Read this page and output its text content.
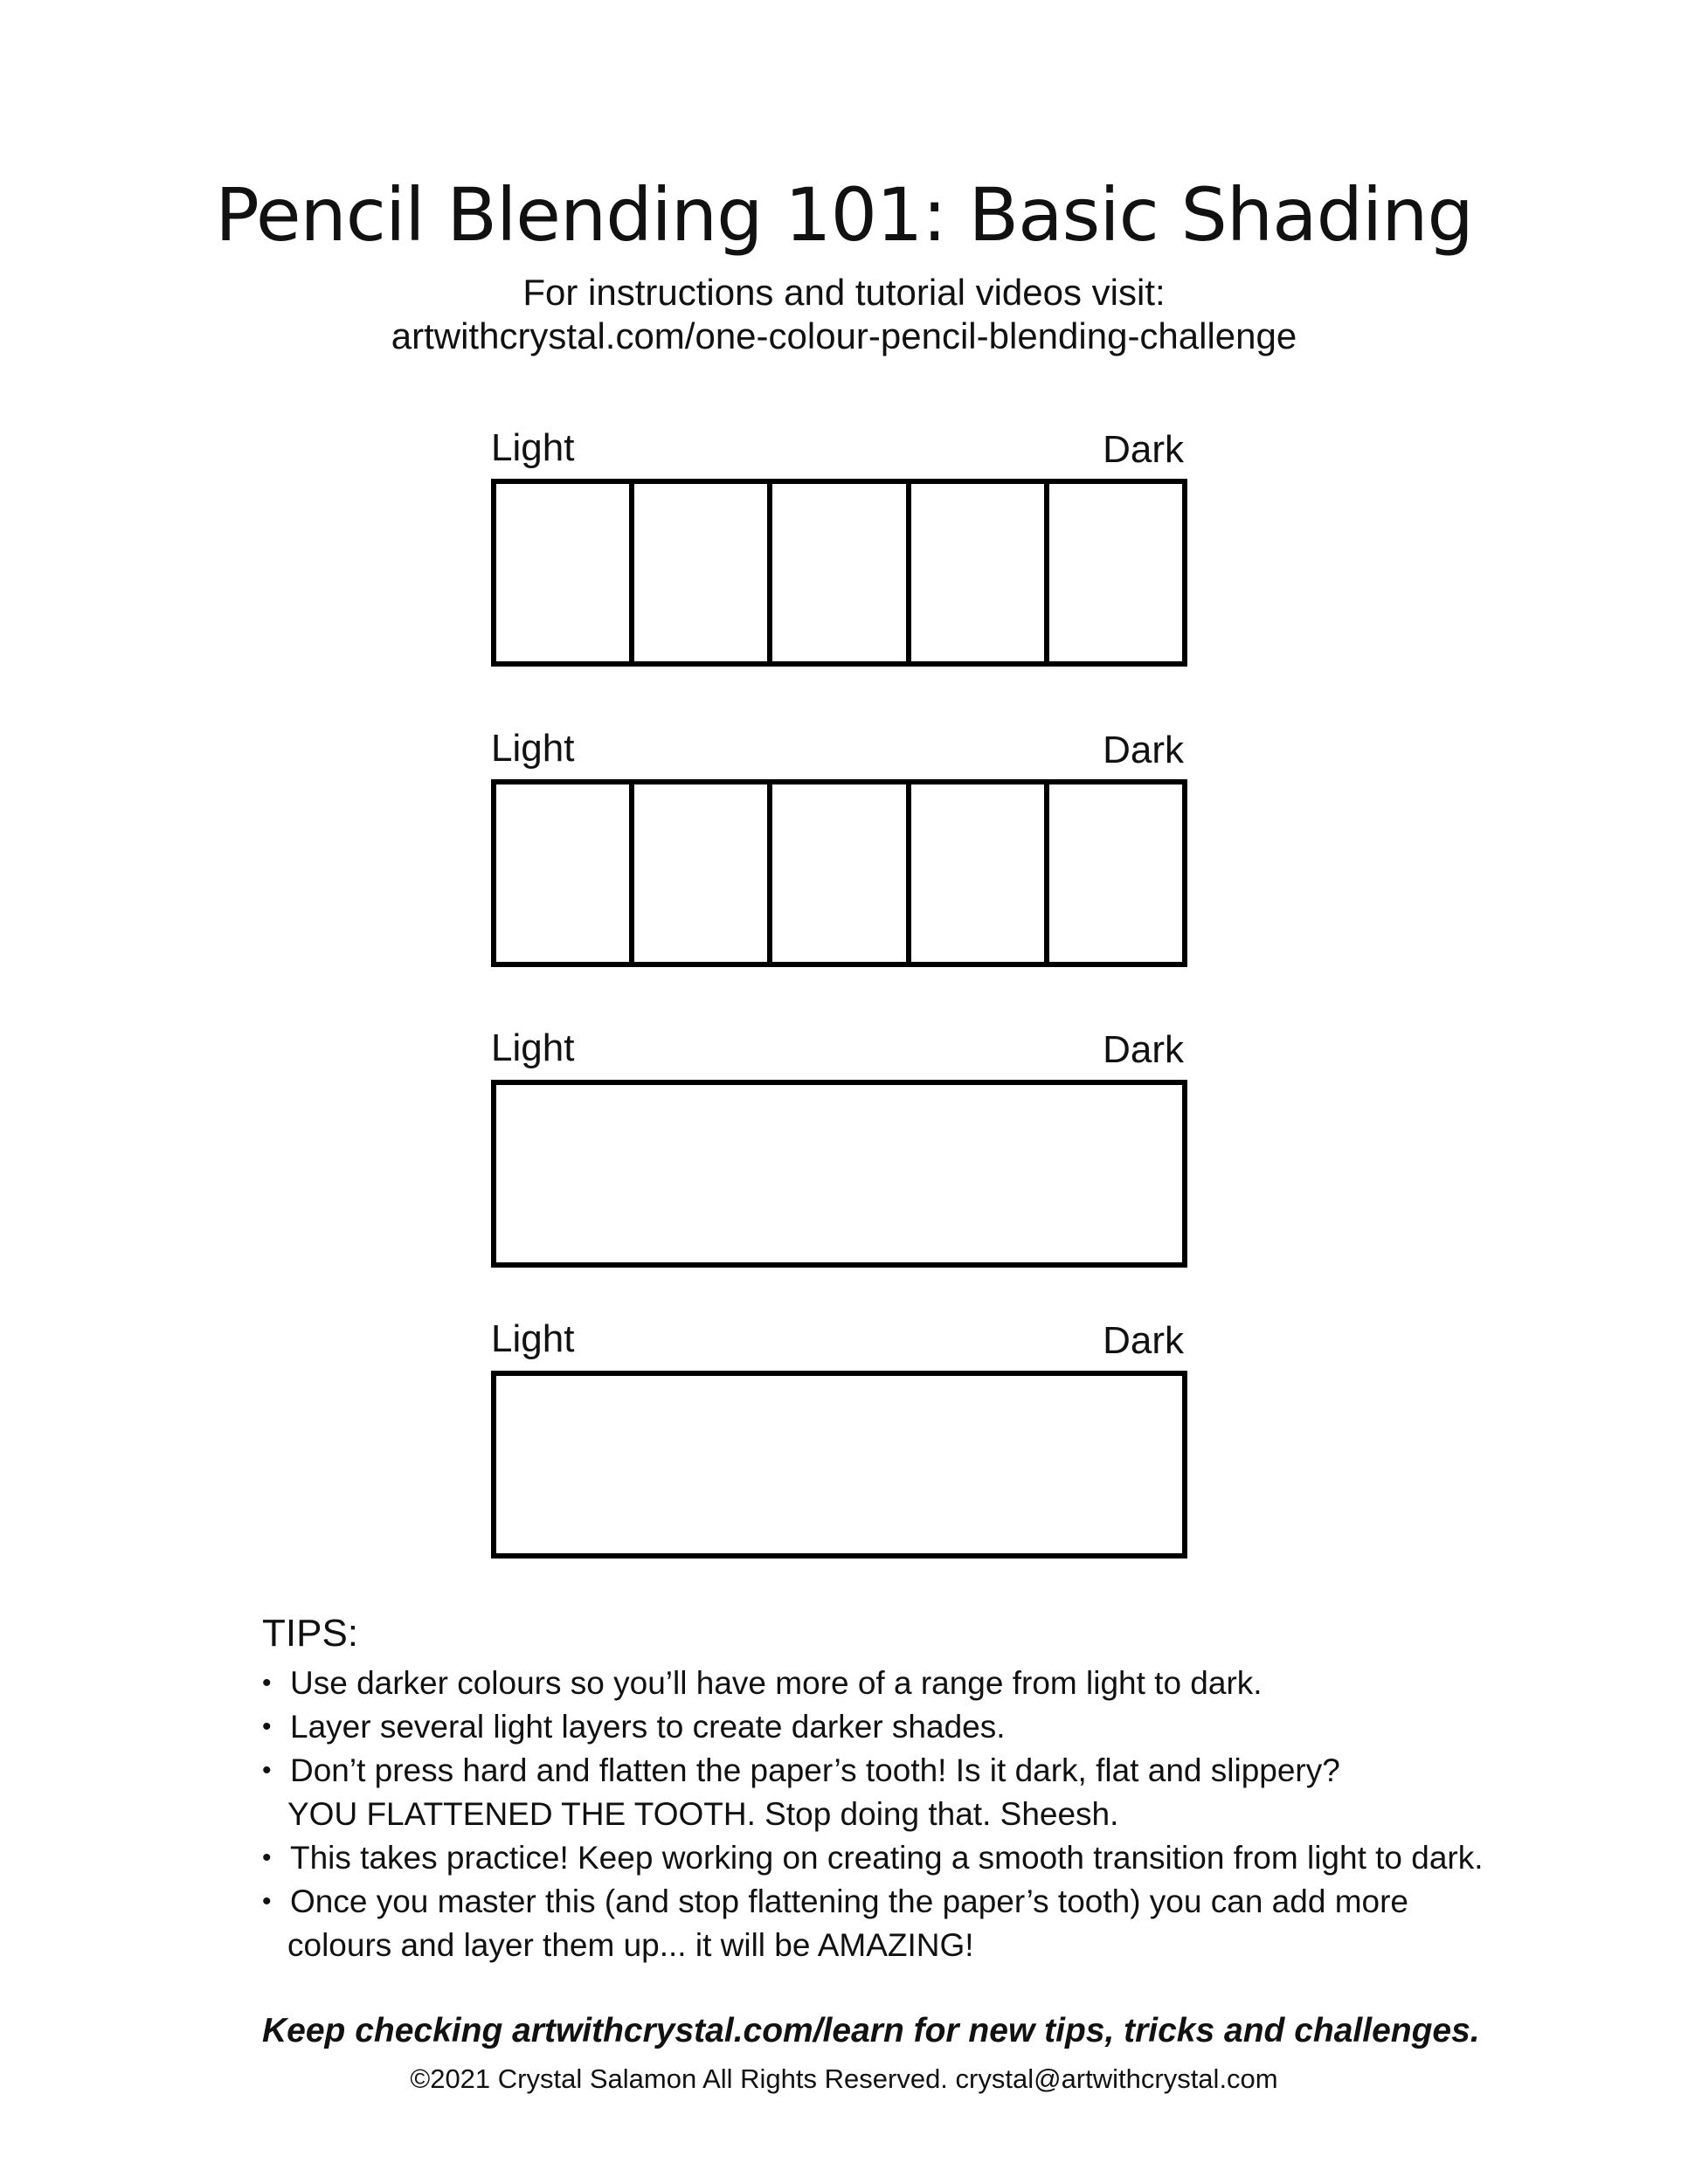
Pencil Blending 101: Basic Shading
For instructions and tutorial videos visit:
artwithcrystal.com/one-colour-pencil-blending-challenge
Light	Dark
Light	Dark
Light	Dark
Light	Dark
TIPS:
• Use darker colours so you’ll have more of a range from light to dark.
• Layer several light layers to create darker shades.
• Don’t press hard and flatten the paper’s tooth! Is it dark, flat and slippery?
YOU FLATTENED THE TOOTH. Stop doing that. Sheesh.
• This takes practice! Keep working on creating a smooth transition from light to dark.
• Once you master this (and stop flattening the paper’s tooth) you can add more
colours and layer them up... it will be AMAZING!
Keep checking artwithcrystal.com/learn for new tips, tricks and challenges.
©2021 Crystal Salamon All Rights Reserved. crystal@artwithcrystal.com
